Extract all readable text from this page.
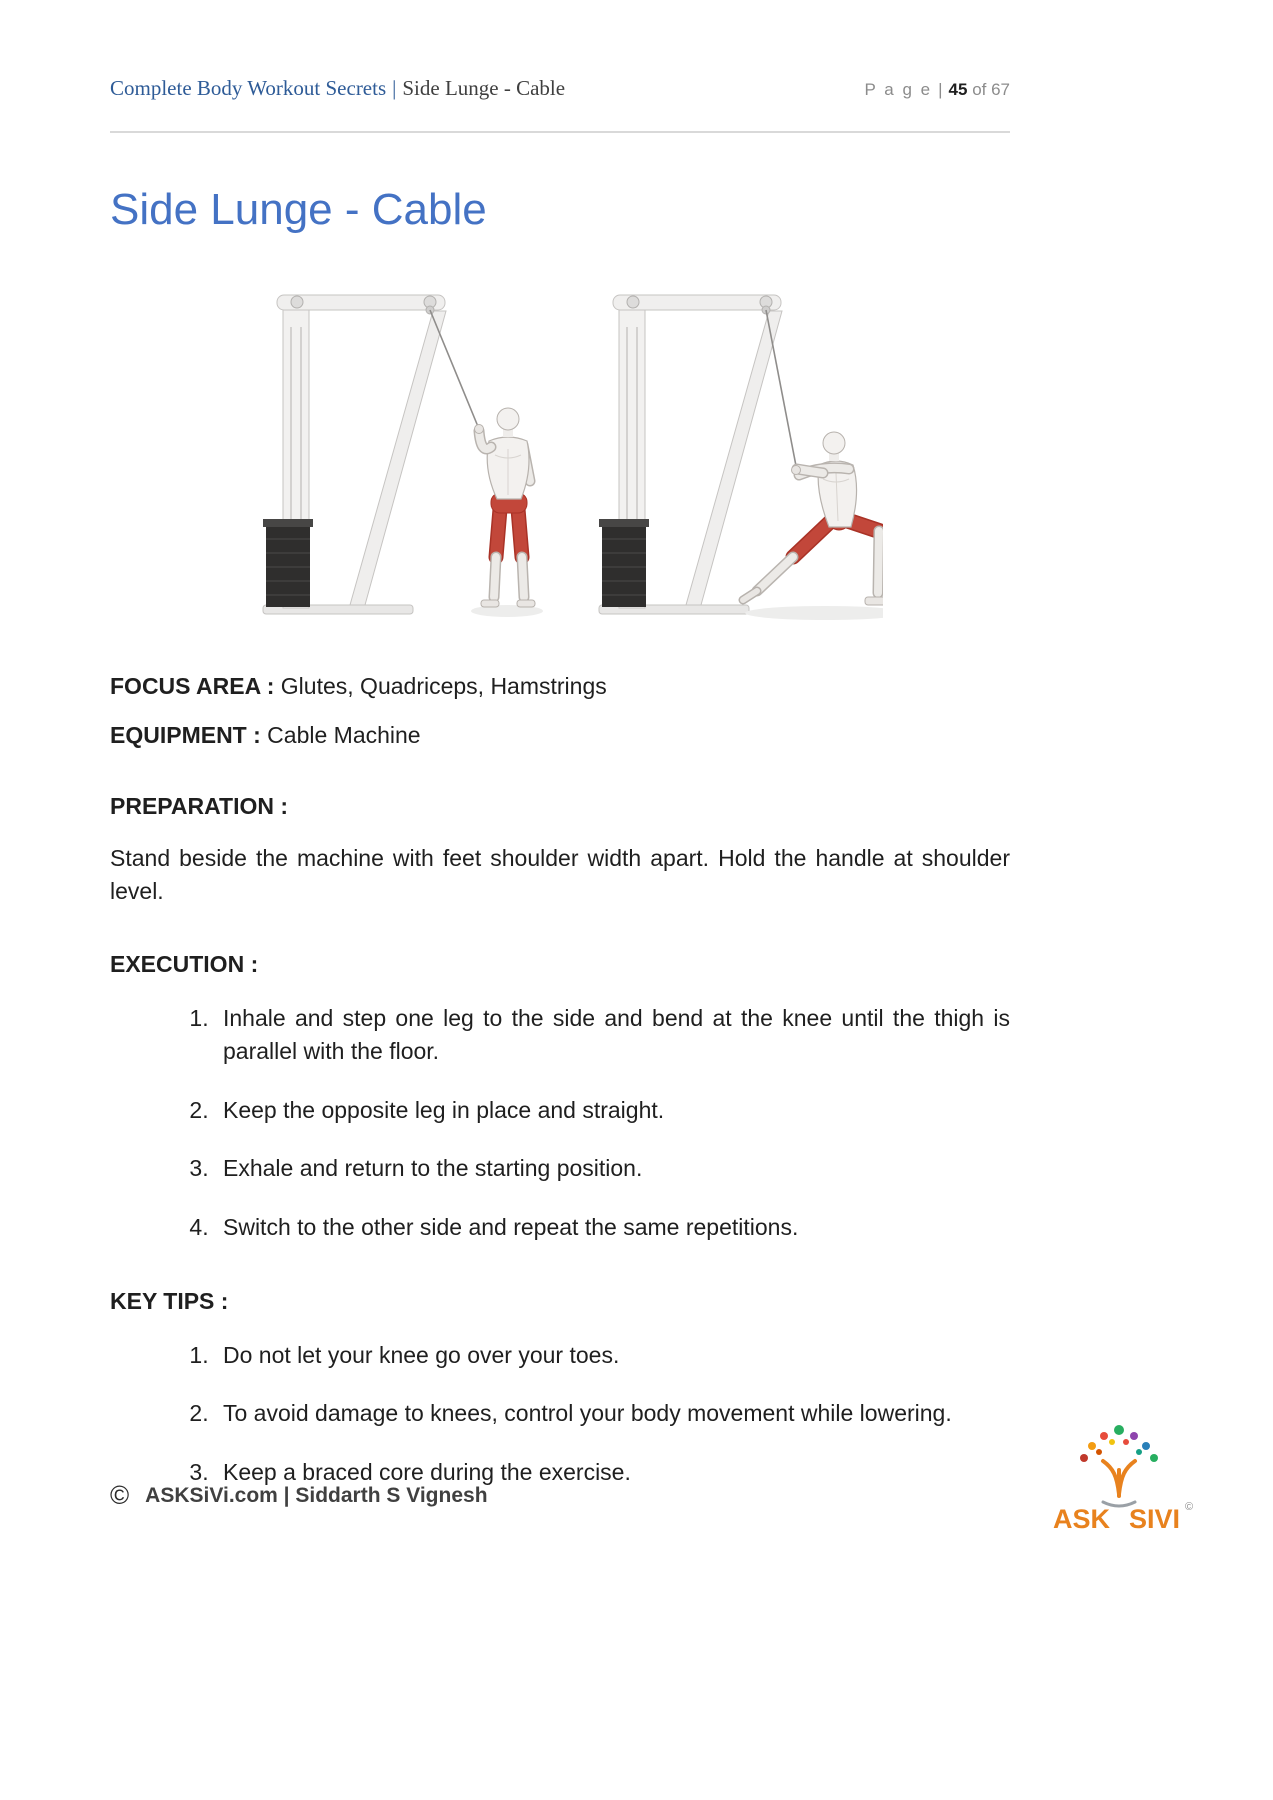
Complete Body Workout Secrets | Side Lunge - Cable	P a g e | 45 of 67
Side Lunge - Cable

FOCUS AREA : Glutes, Quadriceps, Hamstrings

EQUIPMENT : Cable Machine

PREPARATION :

Stand beside the machine with feet shoulder width apart. Hold the handle at shoulder level.

EXECUTION :

1. Inhale and step one leg to the side and bend at the knee until the thigh is parallel with the floor.
2. Keep the opposite leg in place and straight.
3. Exhale and return to the starting position.
4. Switch to the other side and repeat the same repetitions.

KEY TIPS :

1. Do not let your knee go over your toes.
2. To avoid damage to knees, control your body movement while lowering.
3. Keep a braced core during the exercise.
© ASKSiVi.com | Siddarth S Vignesh
ASK SIVI ©
